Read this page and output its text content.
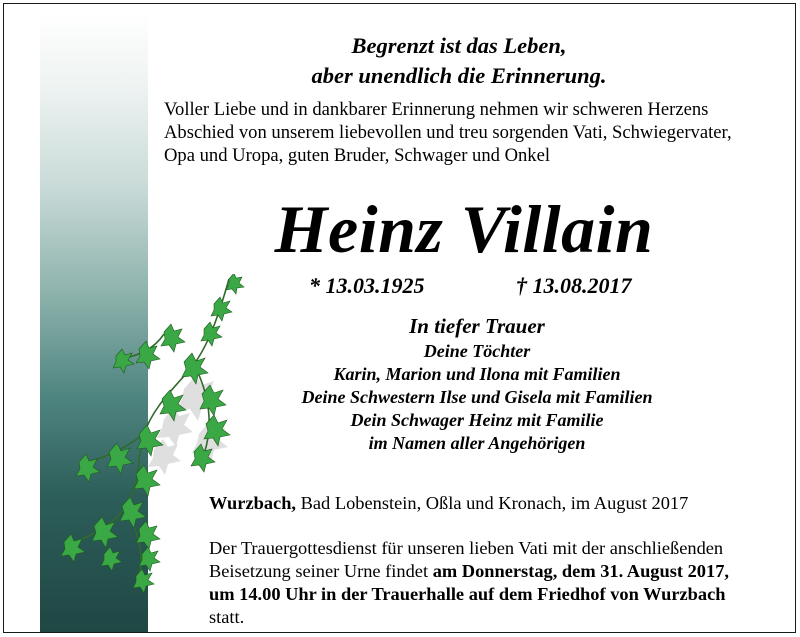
Begrenzt ist das Leben,
aber unendlich die Erinnerung.
Voller Liebe und in dankbarer Erinnerung nehmen wir schweren Herzens
Abschied von unserem liebevollen und treu sorgenden Vati, Schwiegervater,
Opa und Uropa, guten Bruder, Schwager und Onkel
Heinz Villain
* 13.03.1925	† 13.08.2017
In tiefer Trauer
Deine Töchter
Karin, Marion und Ilona mit Familien
Deine Schwestern Ilse und Gisela mit Familien
Dein Schwager Heinz mit Familie
im Namen aller Angehörigen
Wurzbach, Bad Lobenstein, Oßla und Kronach, im August 2017
Der Trauergottesdienst für unseren lieben Vati mit der anschließenden
Beisetzung seiner Urne findet am Donnerstag, dem 31. August 2017,
um 14.00 Uhr in der Trauerhalle auf dem Friedhof von Wurzbach
statt.
